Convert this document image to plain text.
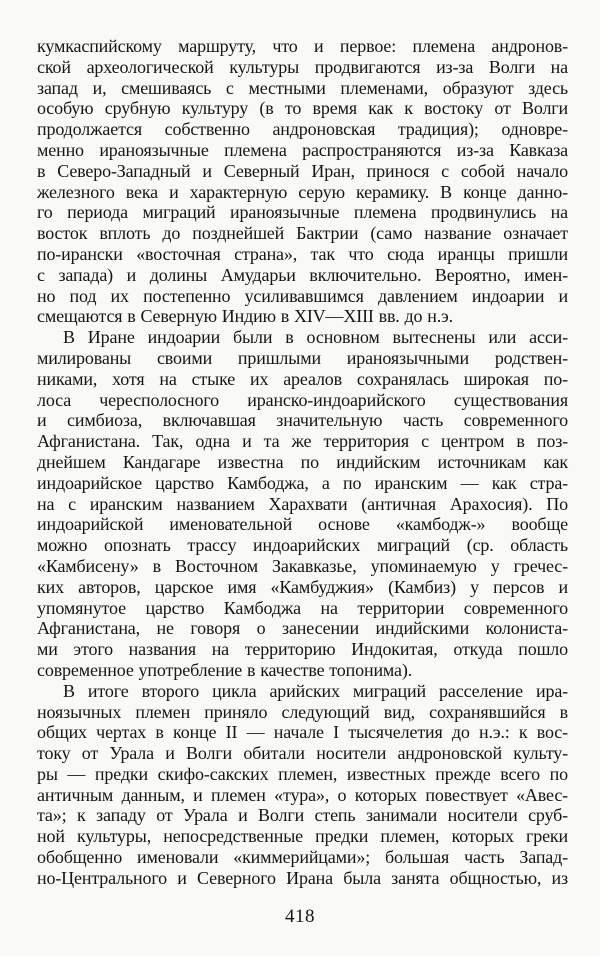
кумкаспийскому маршруту, что и первое: племена андронов-
ской археологической культуры продвигаются из-за Волги на
запад и, смешиваясь с местными племенами, образуют здесь
особую срубную культуру (в то время как к востоку от Волги
продолжается собственно андроновская традиция); одновре-
менно ираноязычные племена распространяются из-за Кавказа
в Северо-Западный и Северный Иран, принося с собой начало
железного века и характерную серую керамику. В конце данно-
го периода миграций ираноязычные племена продвинулись на
восток вплоть до позднейшей Бактрии (само название означает
по-ирански «восточная страна», так что сюда иранцы пришли
с запада) и долины Амударьи включительно. Вероятно, имен-
но под их постепенно усиливавшимся давлением индоарии и
смещаются в Северную Индию в XIV—XIII вв. до н.э.
В Иране индоарии были в основном вытеснены или асси-
милированы своими пришлыми ираноязычными родствен-
никами, хотя на стыке их ареалов сохранялась широкая по-
лоса чересполосного иранско-индоарийского существования
и симбиоза, включавшая значительную часть современного
Афганистана. Так, одна и та же территория с центром в поз-
днейшем Кандагаре известна по индийским источникам как
индоарийское царство Камбоджа, а по иранским — как стра-
на с иранским названием Харахвати (античная Арахосия). По
индоарийской именовательной основе «камбодж-» вообще
можно опознать трассу индоарийских миграций (ср. область
«Камбисену» в Восточном Закавказье, упоминаемую у гречес-
ких авторов, царское имя «Камбуджия» (Камбиз) у персов и
упомянутое царство Камбоджа на территории современного
Афганистана, не говоря о занесении индийскими колониста-
ми этого названия на территорию Индокитая, откуда пошло
современное употребление в качестве топонима).
В итоге второго цикла арийских миграций расселение ира-
ноязычных племен приняло следующий вид, сохранявшийся в
общих чертах в конце II — начале I тысячелетия до н.э.: к вос-
току от Урала и Волги обитали носители андроновской культу-
ры — предки скифо-сакских племен, известных прежде всего по
античным данным, и племен «тура», о которых повествует «Авес-
та»; к западу от Урала и Волги степь занимали носители сруб-
ной культуры, непосредственные предки племен, которых греки
обобщенно именовали «киммерийцами»; большая часть Запад-
но-Центрального и Северного Ирана была занята общностью, из
418
